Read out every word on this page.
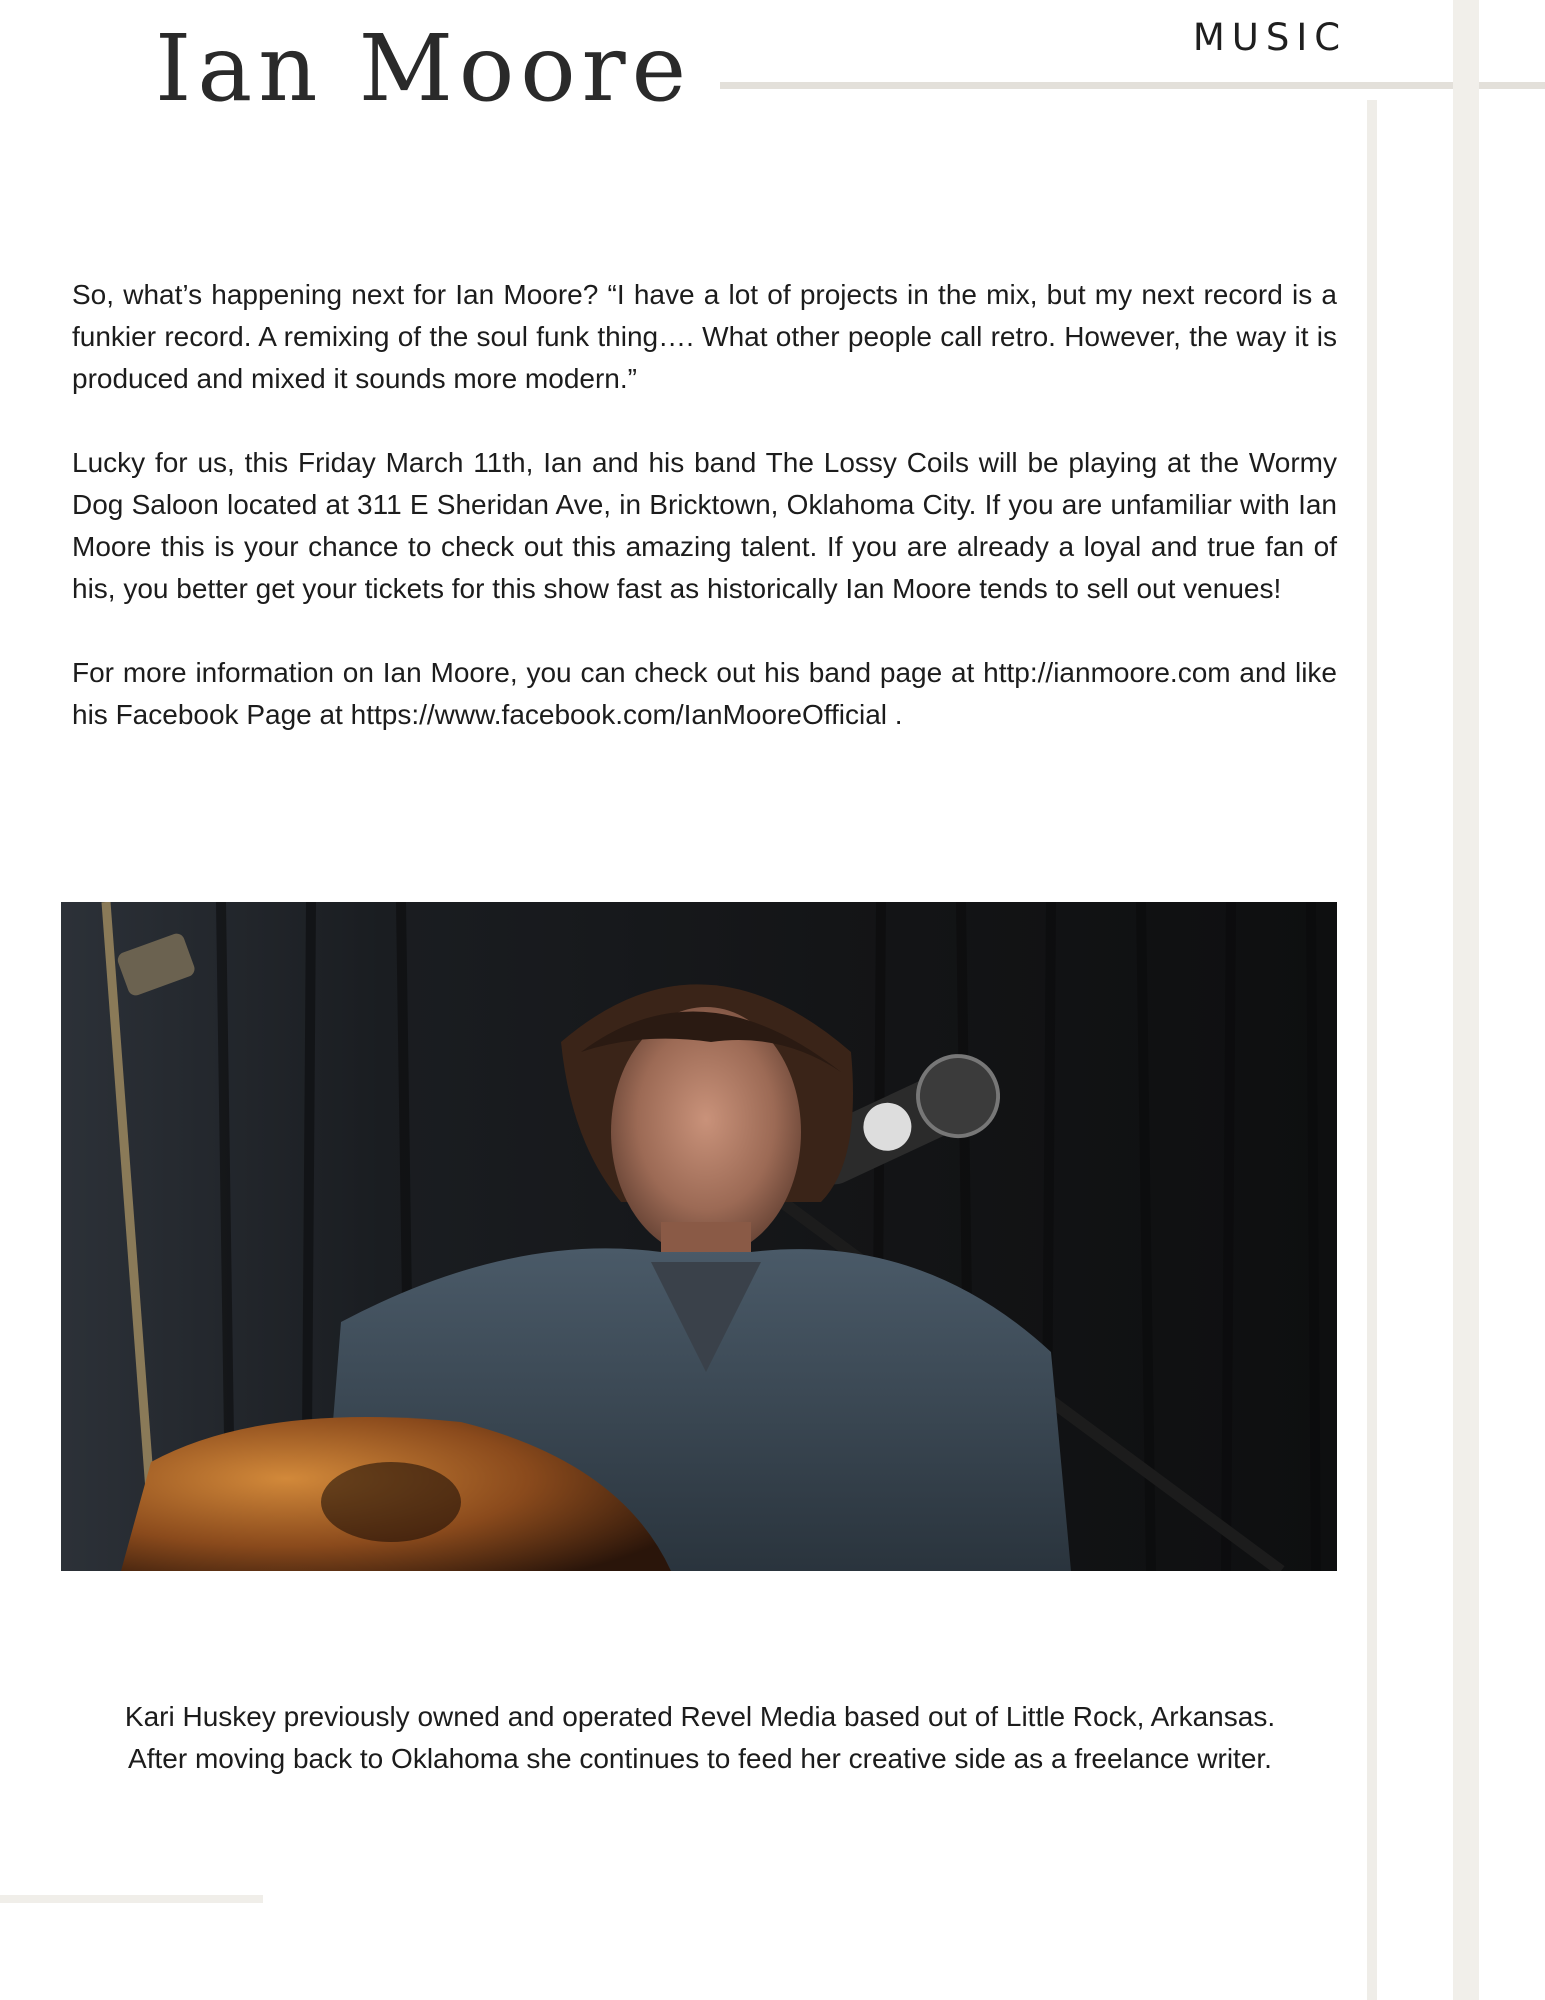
Ian Moore	MUSIC

So, what’s happening next for Ian Moore? “I have a lot of projects in the mix, but my next record is a funkier record. A remixing of the soul funk thing…. What other people call retro. However, the way it is produced and mixed it sounds more modern.”

Lucky for us, this Friday March 11th, Ian and his band The Lossy Coils will be playing at the Wormy Dog Saloon located at 311 E Sheridan Ave, in Bricktown, Oklahoma City. If you are unfamiliar with Ian Moore this is your chance to check out this amazing talent. If you are already a loyal and true fan of his, you better get your tickets for this show fast as historically Ian Moore tends to sell out venues!

For more information on Ian Moore, you can check out his band page at http://ianmoore.com and like his Facebook Page at https://www.facebook.com/IanMooreOfficial .

Kari Huskey previously owned and operated Revel Media based out of Little Rock, Arkansas.

After moving back to Oklahoma she continues to feed her creative side as a freelance writer.
